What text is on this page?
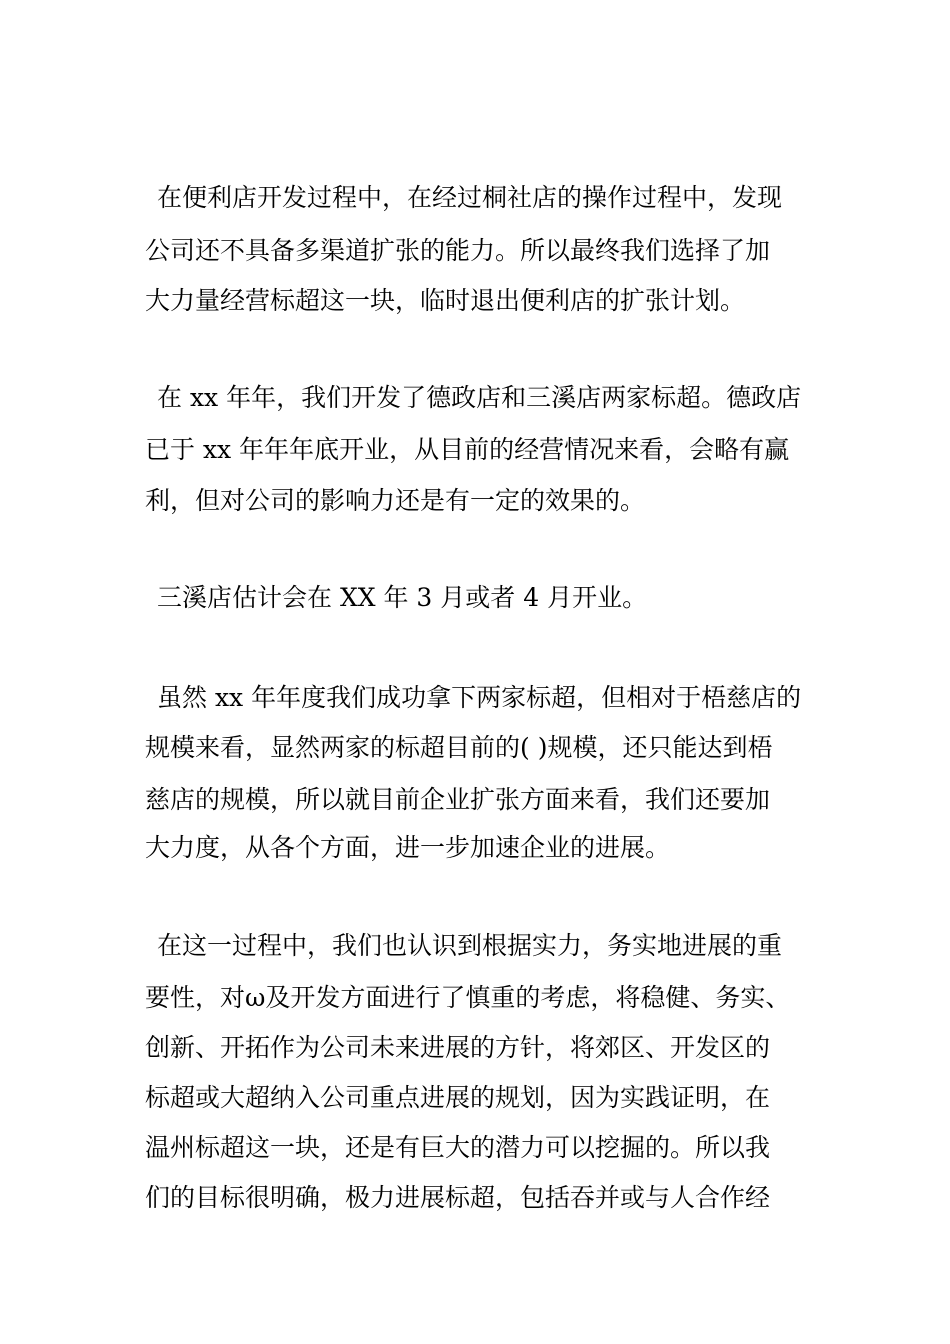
在便利店开发过程中，在经过桐社店的操作过程中，发现
公司还不具备多渠道扩张的能力。所以最终我们选择了加
大力量经营标超这一块，临时退出便利店的扩张计划。
在 xx 年年，我们开发了德政店和三溪店两家标超。德政店
已于 xx 年年年底开业，从目前的经营情况来看，会略有赢
利，但对公司的影响力还是有一定的效果的。
三溪店估计会在 XX 年 3 月或者 4 月开业。
虽然 xx 年年度我们成功拿下两家标超，但相对于梧慈店的
规模来看，显然两家的标超目前的( )规模，还只能达到梧
慈店的规模，所以就目前企业扩张方面来看，我们还要加
大力度，从各个方面，进一步加速企业的进展。
在这一过程中，我们也认识到根据实力，务实地进展的重
要性，对ω及开发方面进行了慎重的考虑，将稳健、务实、
创新、开拓作为公司未来进展的方针，将郊区、开发区的
标超或大超纳入公司重点进展的规划，因为实践证明，在
温州标超这一块，还是有巨大的潜力可以挖掘的。所以我
们的目标很明确，极力进展标超，包括吞并或与人合作经
